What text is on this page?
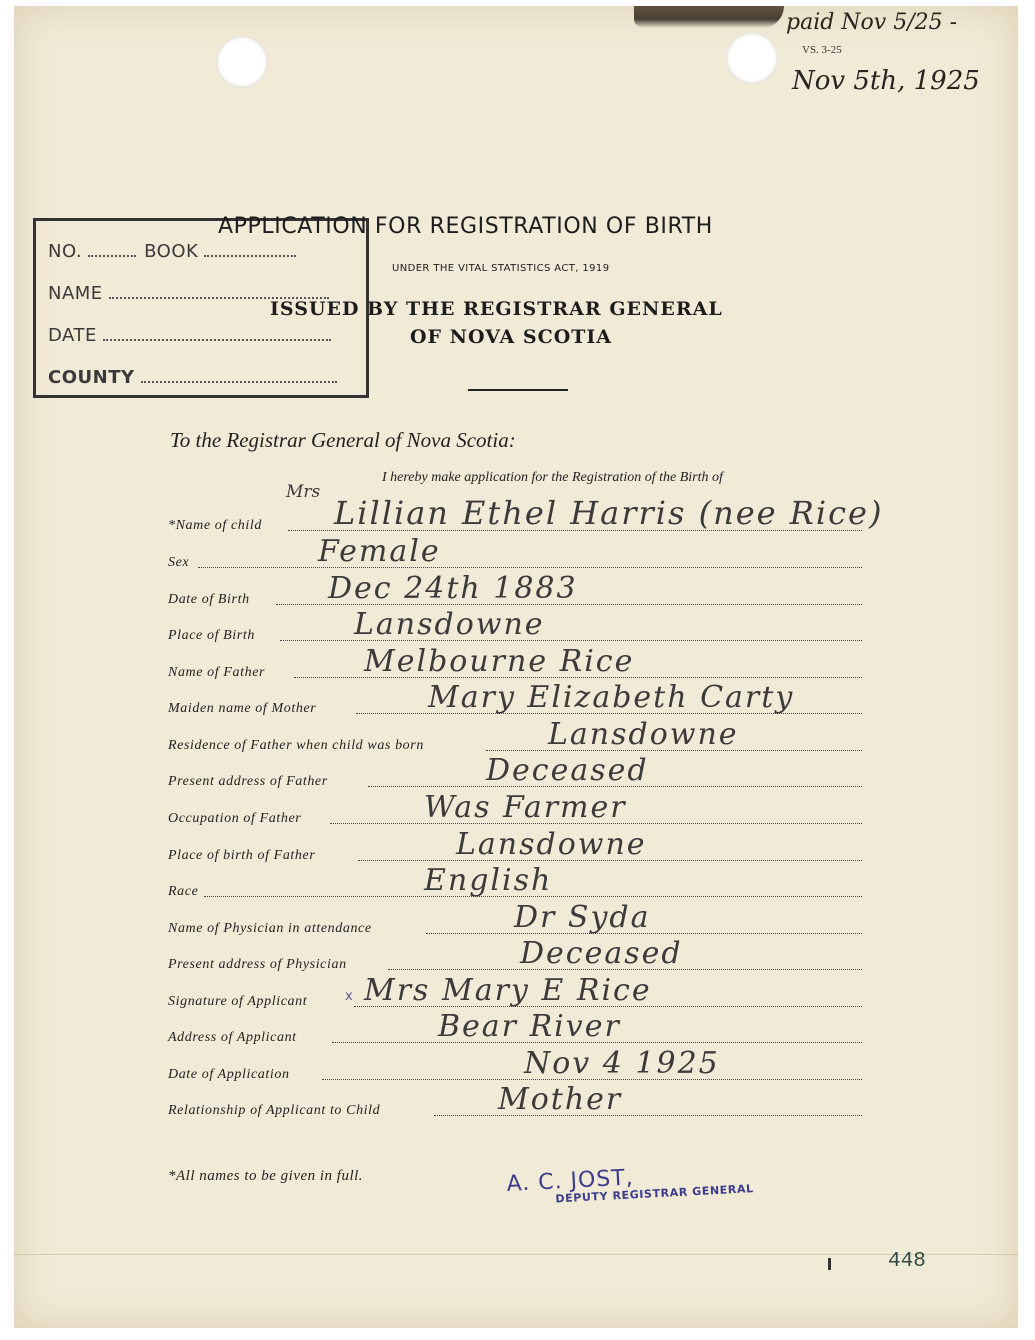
paid Nov 5/25 -
VS. 3-25
Nov 5th, 1925
NO.	BOOK
NAME
DATE
COUNTY
APPLICATION FOR REGISTRATION OF BIRTH
UNDER THE VITAL STATISTICS ACT, 1919
ISSUED BY THE REGISTRAR GENERAL
OF NOVA SCOTIA
To the Registrar General of Nova Scotia:
I hereby make application for the Registration of the Birth of
Mrs
*Name of child Lillian Ethel Harris (nee Rice)
Sex	Female
Date of Birth	Dec 24th 1883
Place of Birth	Lansdowne
Name of Father	Melbourne Rice
Maiden name of Mother	Mary Elizabeth Carty
Residence of Father when child was born	Lansdowne
Present address of Father	Deceased
Occupation of Father	Was Farmer
Place of birth of Father	Lansdowne
Race	English
Name of Physician in attendance	Dr Syda
Present address of Physician	Deceased
Signature of Applicant Mrs Mary E Rice
Address of Applicant	Bear River
Date of Application	Nov 4 1925
Relationship of Applicant to Child	Mother
x
*All names to be given in full.	A. C. JOST,
DEPUTY REGISTRAR GENERAL
448
